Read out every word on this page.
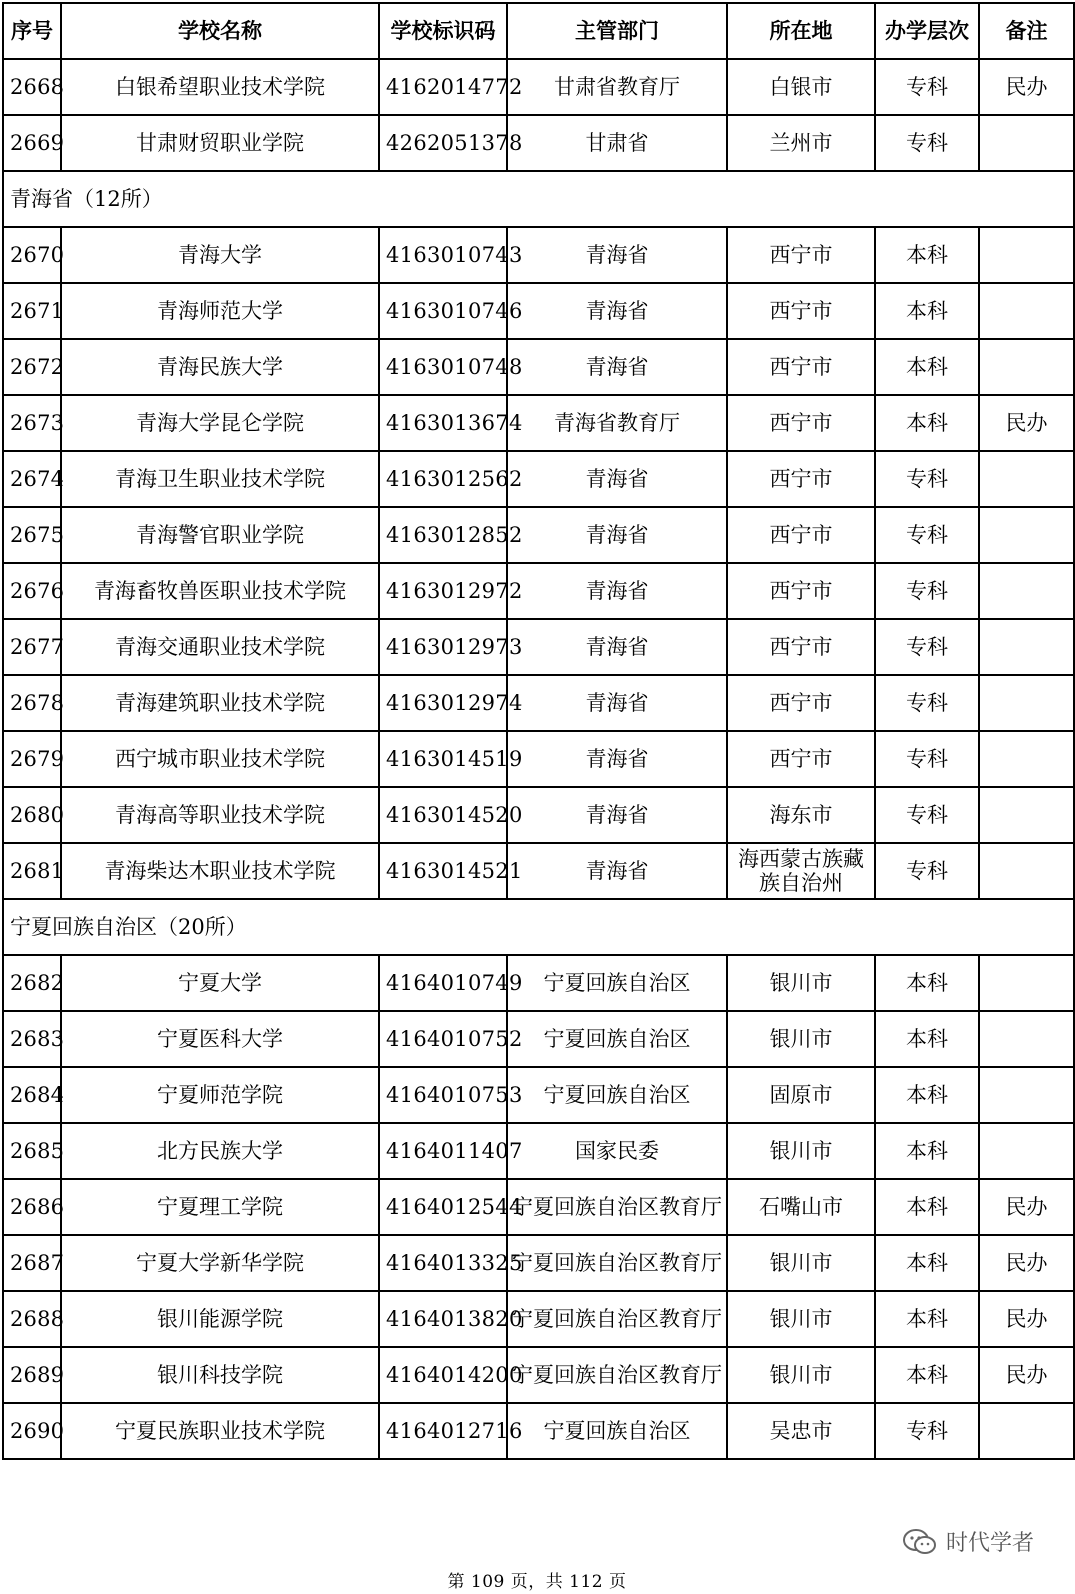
序号	学校名称	学校标识码	主管部门	所在地	办学层次	备注
2668	白银希望职业技术学院	4162014772	甘肃省教育厅	白银市	专科	民办
2669	甘肃财贸职业学院	4262051378	甘肃省	兰州市	专科	
青海省（12所）						
2670	青海大学	4163010743	青海省	西宁市	本科	
2671	青海师范大学	4163010746	青海省	西宁市	本科	
2672	青海民族大学	4163010748	青海省	西宁市	本科	
2673	青海大学昆仑学院	4163013674	青海省教育厅	西宁市	本科	民办
2674	青海卫生职业技术学院	4163012562	青海省	西宁市	专科	
2675	青海警官职业学院	4163012852	青海省	西宁市	专科	
2676	青海畜牧兽医职业技术学院	4163012972	青海省	西宁市	专科	
2677	青海交通职业技术学院	4163012973	青海省	西宁市	专科	
2678	青海建筑职业技术学院	4163012974	青海省	西宁市	专科	
2679	西宁城市职业技术学院	4163014519	青海省	西宁市	专科	
2680	青海高等职业技术学院	4163014520	青海省	海东市	专科	
2681	青海柴达木职业技术学院	4163014521	青海省	海西蒙古族藏族自治州	专科	
宁夏回族自治区（20所）						
2682	宁夏大学	4164010749	宁夏回族自治区	银川市	本科	
2683	宁夏医科大学	4164010752	宁夏回族自治区	银川市	本科	
2684	宁夏师范学院	4164010753	宁夏回族自治区	固原市	本科	
2685	北方民族大学	4164011407	国家民委	银川市	本科	
2686	宁夏理工学院	4164012544	宁夏回族自治区教育厅	石嘴山市	本科	民办
2687	宁夏大学新华学院	4164013325	宁夏回族自治区教育厅	银川市	本科	民办
2688	银川能源学院	4164013820	宁夏回族自治区教育厅	银川市	本科	民办
2689	银川科技学院	4164014200	宁夏回族自治区教育厅	银川市	本科	民办
2690	宁夏民族职业技术学院	4164012716	宁夏回族自治区	吴忠市	专科	
时代学者
第 109 页，共 112 页
